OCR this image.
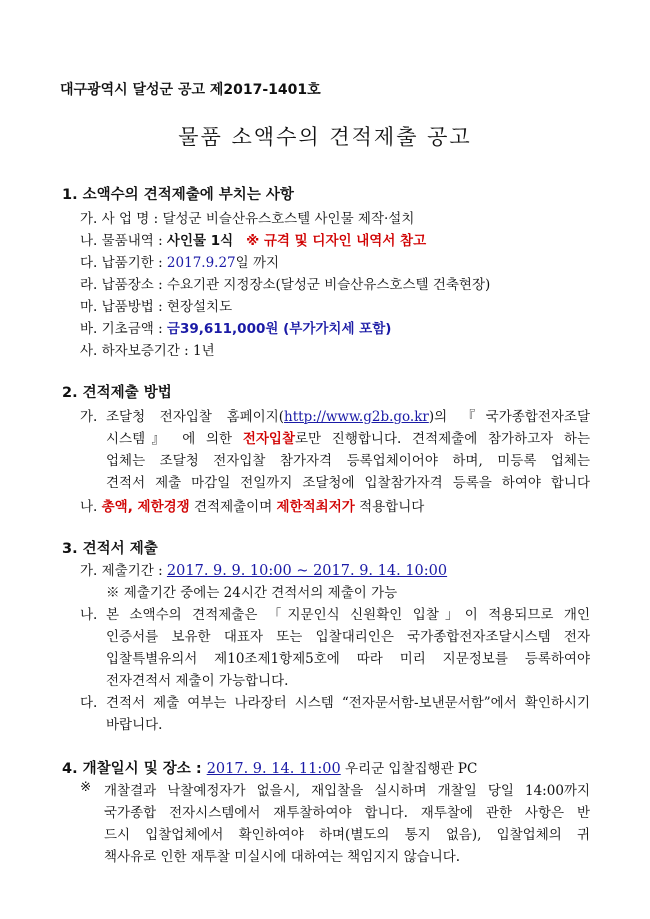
대구광역시 달성군 공고 제2017-1401호
물품 소액수의 견적제출 공고
1. 소액수의 견적제출에 부치는 사항
가. 사 업 명 : 달성군 비슬산유스호스텔 사인물 제작·설치
나. 물품내역 : 사인물 1식 ※ 규격 및 디자인 내역서 참고
다. 납품기한 : 2017.9.27일 까지
라. 납품장소 : 수요기관 지정장소(달성군 비슬산유스호스텔 건축현장)
마. 납품방법 : 현장설치도
바. 기초금액 : 금39,611,000원 (부가가치세 포함)
사. 하자보증기간 : 1년
2. 견적제출 방법
가. 조달청 전자입찰 홈페이지(http://www.g2b.go.kr)의 『국가종합전자조달
시스템』 에 의한 전자입찰로만 진행합니다. 견적제출에 참가하고자 하는
업체는 조달청 전자입찰 참가자격 등록업체이어야 하며, 미등록 업체는
견적서 제출 마감일 전일까지 조달청에 입찰참가자격 등록을 하여야 합니다
나. 총액, 제한경쟁 견적제출이며 제한적최저가 적용합니다
3. 견적서 제출
가. 제출기간 : 2017. 9. 9. 10:00 ~ 2017. 9. 14. 10:00
※ 제출기간 중에는 24시간 견적서의 제출이 가능
나. 본 소액수의 견적제출은 「지문인식 신원확인 입찰」이 적용되므로 개인
인증서를 보유한 대표자 또는 입찰대리인은 국가종합전자조달시스템 전자
입찰특별유의서 제10조제1항제5호에 따라 미리 지문정보를 등록하여야
전자견적서 제출이 가능합니다.
다. 견적서 제출 여부는 나라장터 시스템 “전자문서함-보낸문서함”에서 확인하시기
바랍니다.
4. 개찰일시 및 장소 : 2017. 9. 14. 11:00 우리군 입찰집행관 PC
※ 개찰결과 낙찰예정자가 없을시, 재입찰을 실시하며 개찰일 당일 14:00까지
국가종합 전자시스템에서 재투찰하여야 합니다. 재투찰에 관한 사항은 반
드시 입찰업체에서 확인하여야 하며(별도의 통지 없음), 입찰업체의 귀
책사유로 인한 재투찰 미실시에 대하여는 책임지지 않습니다.
